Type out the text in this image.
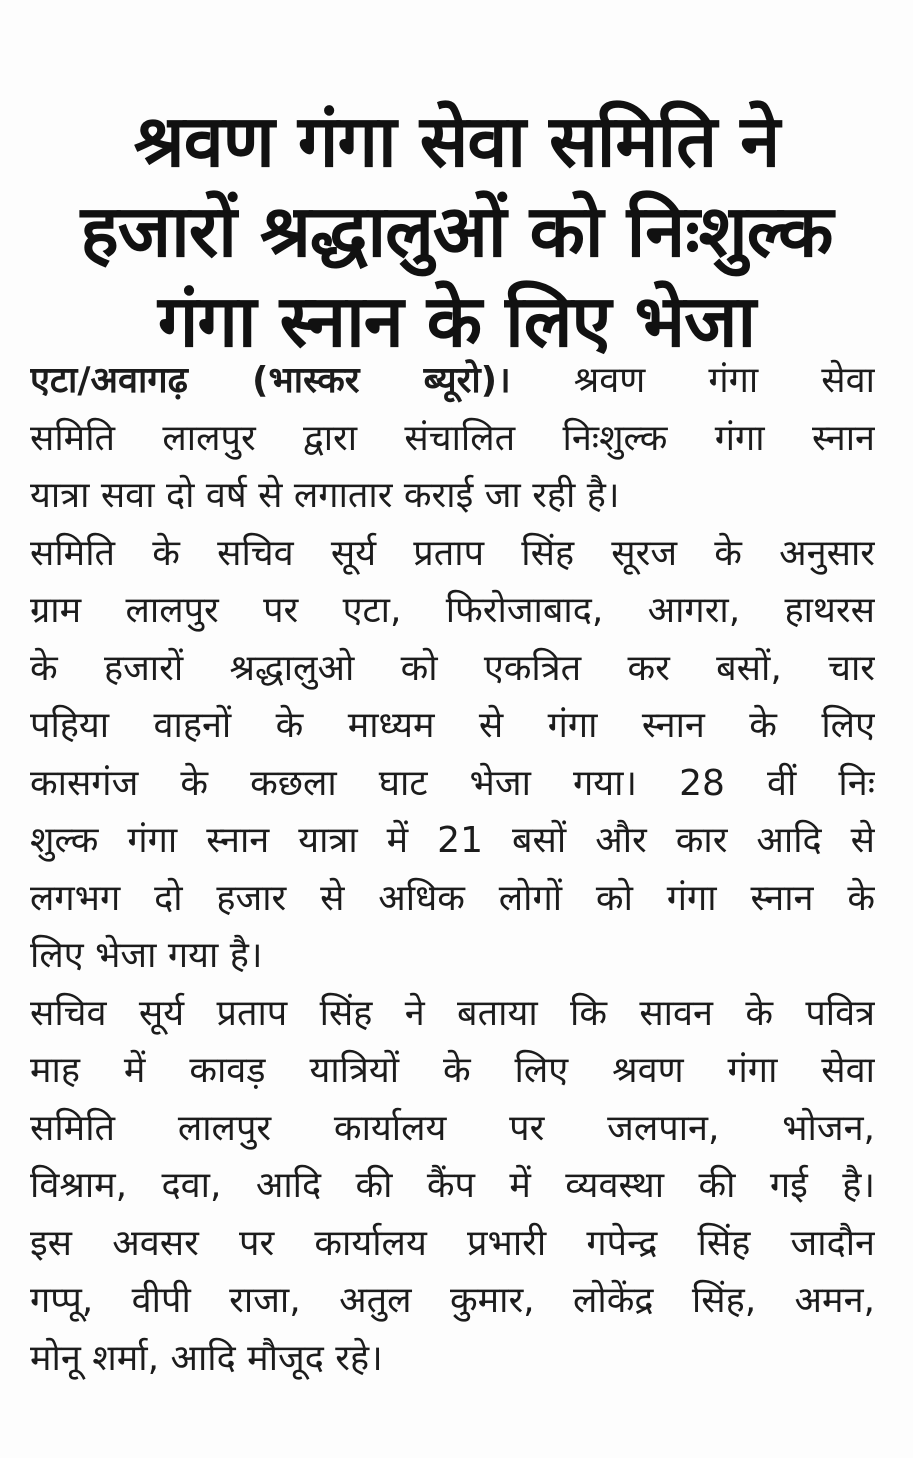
श्रवण गंगा सेवा समिति ने
हजारों श्रद्धालुओं को निःशुल्क
गंगा स्नान के लिए भेजा
एटा/अवागढ़ (भास्कर ब्यूरो)। श्रवण गंगा सेवा
समिति लालपुर द्वारा संचालित निःशुल्क गंगा स्नान
यात्रा सवा दो वर्ष से लगातार कराई जा रही है।
समिति के सचिव सूर्य प्रताप सिंह सूरज के अनुसार
ग्राम लालपुर पर एटा, फिरोजाबाद, आगरा, हाथरस
के हजारों श्रद्धालुओ को एकत्रित कर बसों, चार
पहिया वाहनों के माध्यम से गंगा स्नान के लिए
कासगंज के कछला घाट भेजा गया। 28 वीं निः
शुल्क गंगा स्नान यात्रा में 21 बसों और कार आदि से
लगभग दो हजार से अधिक लोगों को गंगा स्नान के
लिए भेजा गया है।
सचिव सूर्य प्रताप सिंह ने बताया कि सावन के पवित्र
माह में कावड़ यात्रियों के लिए श्रवण गंगा सेवा
समिति लालपुर कार्यालय पर जलपान, भोजन,
विश्राम, दवा, आदि की कैंप में व्यवस्था की गई है।
इस अवसर पर कार्यालय प्रभारी गपेन्द्र सिंह जादौन
गप्पू, वीपी राजा, अतुल कुमार, लोकेंद्र सिंह, अमन,
मोनू शर्मा, आदि मौजूद रहे।
